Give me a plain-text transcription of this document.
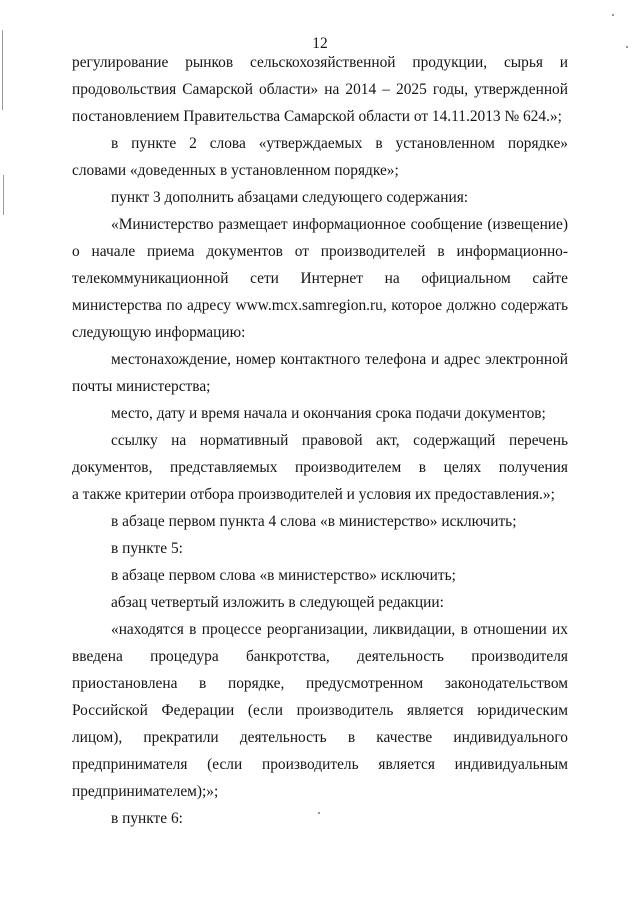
12
регулирование рынков сельскохозяйственной продукции, сырья и
продовольствия Самарской области» на 2014 – 2025 годы, утвержденной
постановлением Правительства Самарской области от 14.11.2013 № 624.»;
в пункте 2 слова «утверждаемых в установленном порядке»
словами «доведенных в установленном порядке»;
пункт 3 дополнить абзацами следующего содержания:
«Министерство размещает информационное сообщение (извещение)
о начале приема документов от производителей в информационно-
телекоммуникационной сети Интернет на официальном сайте
министерства по адресу www.mcx.samregion.ru, которое должно содержать
следующую информацию:
местонахождение, номер контактного телефона и адрес электронной
почты министерства;
место, дату и время начала и окончания срока подачи документов;
ссылку на нормативный правовой акт, содержащий перечень
документов, представляемых производителем в целях получения
а также критерии отбора производителей и условия их предоставления.»;
в абзаце первом пункта 4 слова «в министерство» исключить;
в пункте 5:
в абзаце первом слова «в министерство» исключить;
абзац четвертый изложить в следующей редакции:
«находятся в процессе реорганизации, ликвидации, в отношении их
введена процедура банкротства, деятельность производителя
приостановлена в порядке, предусмотренном законодательством
Российской Федерации (если производитель является юридическим
лицом), прекратили деятельность в качестве индивидуального
предпринимателя (если производитель является индивидуальным
предпринимателем);»;
в пункте 6:
